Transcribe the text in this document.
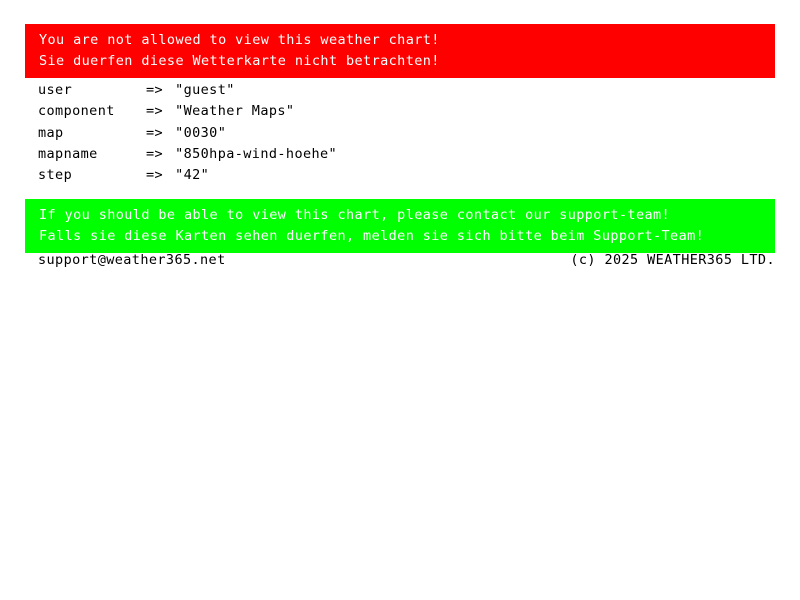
You are not allowed to view this weather chart!
Sie duerfen diese Wetterkarte nicht betrachten!
user	=>	"guest"
component	=>	"Weather Maps"
map	=>	"0030"
mapname	=>	"850hpa-wind-hoehe"
step	=>	"42"
If you should be able to view this chart, please contact our support-team!
Falls sie diese Karten sehen duerfen, melden sie sich bitte beim Support-Team!
support@weather365.net	(c) 2025 WEATHER365 LTD.
